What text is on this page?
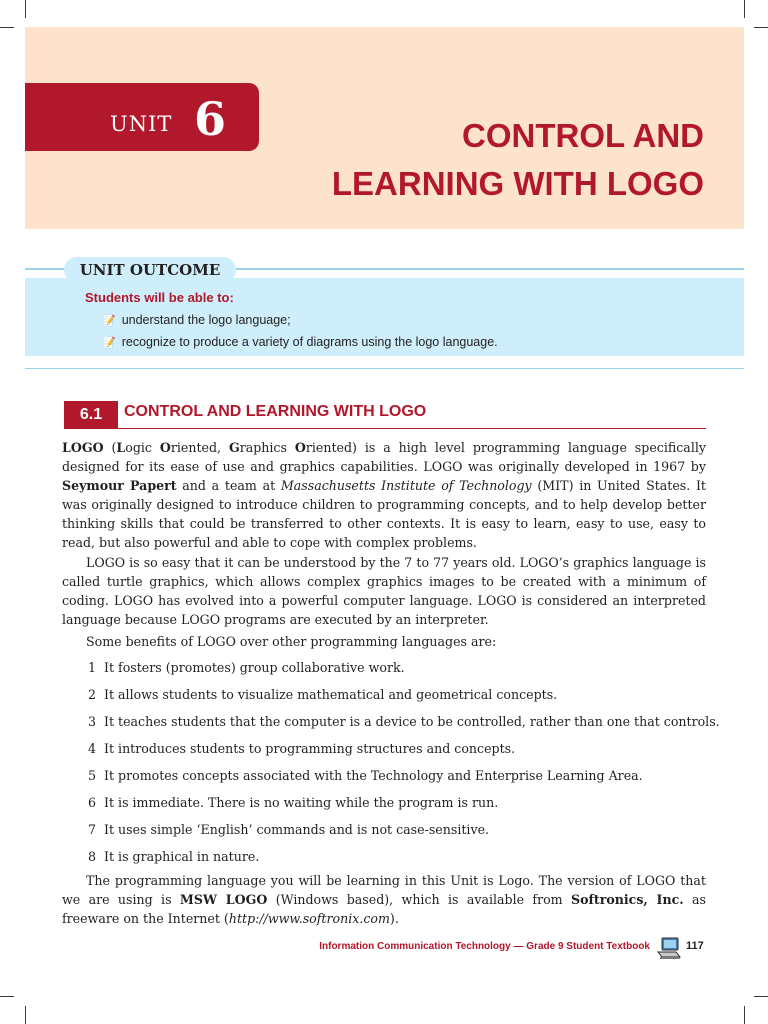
UNIT 6	CONTROL AND
LEARNING WITH LOGO
UNIT OUTCOME
Students will be able to:
📝 understand the logo language;
📝 recognize to produce a variety of diagrams using the logo language.
6.1	CONTROL AND LEARNING WITH LOGO
LOGO (Logic Oriented, Graphics Oriented) is a high level programming language specifically designed for its ease of use and graphics capabilities. LOGO was originally developed in 1967 by Seymour Papert and a team at Massachusetts Institute of Technology (MIT) in United States. It was originally designed to introduce children to programming concepts, and to help develop better thinking skills that could be transferred to other contexts. It is easy to learn, easy to use, easy to read, but also powerful and able to cope with complex problems.
LOGO is so easy that it can be understood by the 7 to 77 years old. LOGO’s graphics language is called turtle graphics, which allows complex graphics images to be created with a minimum of coding. LOGO has evolved into a powerful computer language. LOGO is considered an interpreted language because LOGO programs are executed by an interpreter.
Some benefits of LOGO over other programming languages are:
1 It fosters (promotes) group collaborative work.
2 It allows students to visualize mathematical and geometrical concepts.
3 It teaches students that the computer is a device to be controlled, rather than one that controls.
4 It introduces students to programming structures and concepts.
5 It promotes concepts associated with the Technology and Enterprise Learning Area.
6 It is immediate. There is no waiting while the program is run.
7 It uses simple ‘English’ commands and is not case-sensitive.
8 It is graphical in nature.
The programming language you will be learning in this Unit is Logo. The version of LOGO that we are using is MSW LOGO (Windows based), which is available from Softronics, Inc. as freeware on the Internet (http://www.softronix.com).
Information Communication Technology — Grade 9 Student Textbook	117
